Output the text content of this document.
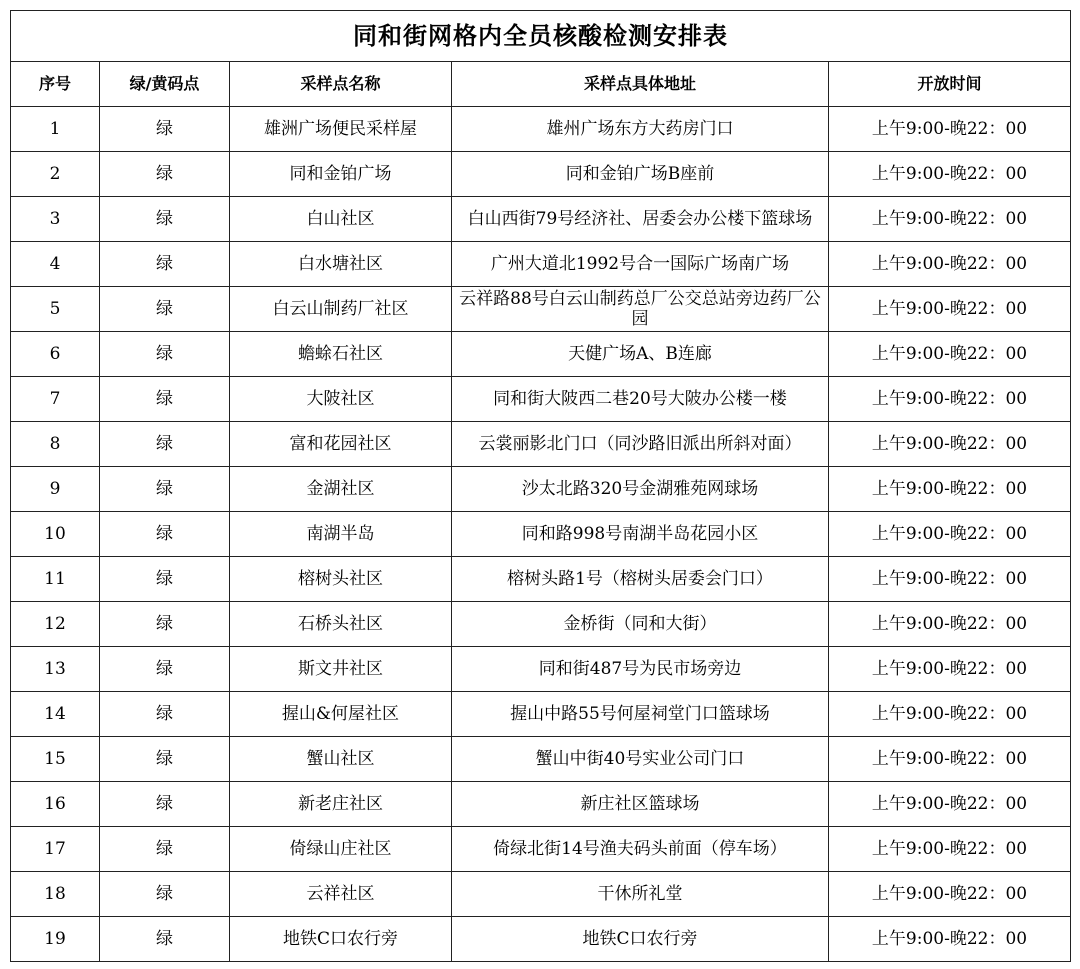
同和街网格内全员核酸检测安排表				
序号	绿/黄码点	采样点名称	采样点具体地址	开放时间
1	绿	雄洲广场便民采样屋	雄州广场东方大药房门口	上午9:00-晚22：00
2	绿	同和金铂广场	同和金铂广场B座前	上午9:00-晚22：00
3	绿	白山社区	白山西街79号经济社、居委会办公楼下篮球场	上午9:00-晚22：00
4	绿	白水塘社区	广州大道北1992号合一国际广场南广场	上午9:00-晚22：00
5	绿	白云山制药厂社区	云祥路88号白云山制药总厂公交总站旁边药厂公园	上午9:00-晚22：00
6	绿	蟾蜍石社区	天健广场A、B连廊	上午9:00-晚22：00
7	绿	大陂社区	同和街大陂西二巷20号大陂办公楼一楼	上午9:00-晚22：00
8	绿	富和花园社区	云裳丽影北门口（同沙路旧派出所斜对面）	上午9:00-晚22：00
9	绿	金湖社区	沙太北路320号金湖雅苑网球场	上午9:00-晚22：00
10	绿	南湖半岛	同和路998号南湖半岛花园小区	上午9:00-晚22：00
11	绿	榕树头社区	榕树头路1号（榕树头居委会门口）	上午9:00-晚22：00
12	绿	石桥头社区	金桥街（同和大街）	上午9:00-晚22：00
13	绿	斯文井社区	同和街487号为民市场旁边	上午9:00-晚22：00
14	绿	握山&何屋社区	握山中路55号何屋祠堂门口篮球场	上午9:00-晚22：00
15	绿	蟹山社区	蟹山中街40号实业公司门口	上午9:00-晚22：00
16	绿	新老庄社区	新庄社区篮球场	上午9:00-晚22：00
17	绿	倚绿山庄社区	倚绿北街14号渔夫码头前面（停车场）	上午9:00-晚22：00
18	绿	云祥社区	干休所礼堂	上午9:00-晚22：00
19	绿	地铁C口农行旁	地铁C口农行旁	上午9:00-晚22：00
